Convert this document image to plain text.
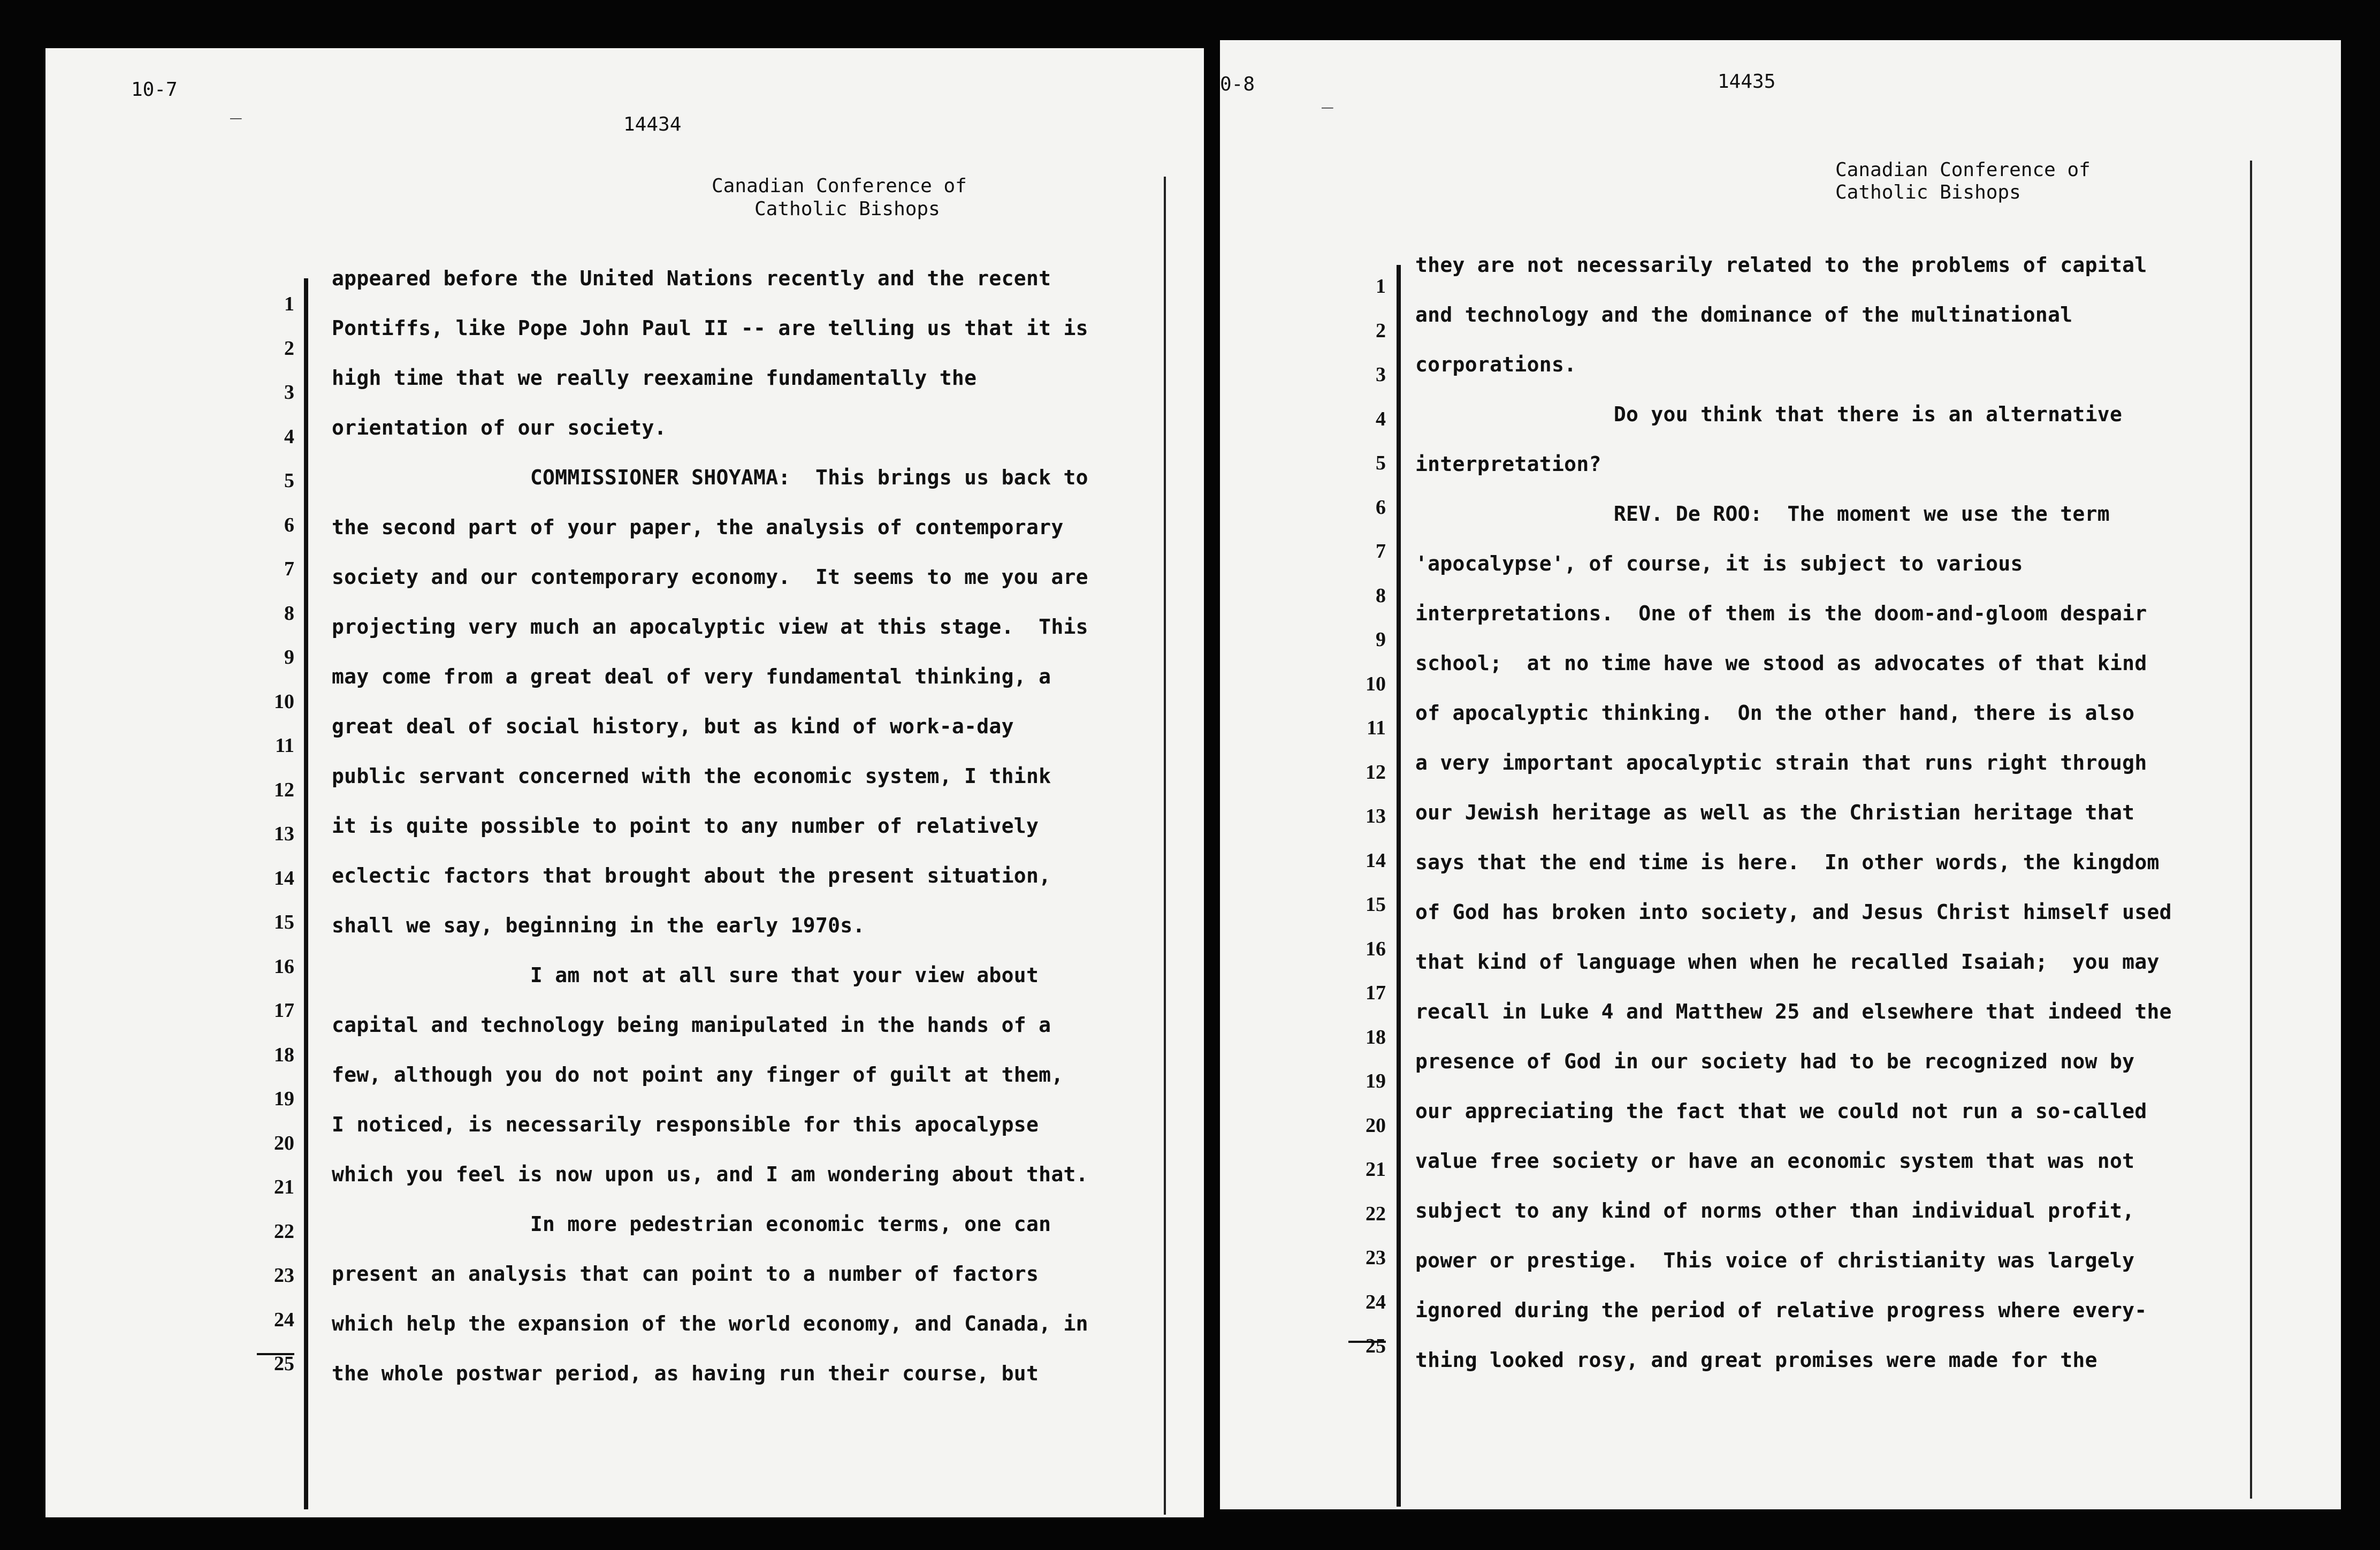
10-7
_
14434
Canadian Conference of
Catholic Bishops
1
2
3
4
5
6
7
8
9
10
11
12
13
14
15
16
17
18
19
20
21
22
23
24
25
appeared before the United Nations recently and the recent
Pontiffs, like Pope John Paul II -- are telling us that it is
high time that we really reexamine fundamentally the
orientation of our society.
COMMISSIONER SHOYAMA:  This brings us back to
the second part of your paper, the analysis of contemporary
society and our contemporary economy.  It seems to me you are
projecting very much an apocalyptic view at this stage.  This
may come from a great deal of very fundamental thinking, a
great deal of social history, but as kind of work-a-day
public servant concerned with the economic system, I think
it is quite possible to point to any number of relatively
eclectic factors that brought about the present situation,
shall we say, beginning in the early 1970s.
I am not at all sure that your view about
capital and technology being manipulated in the hands of a
few, although you do not point any finger of guilt at them,
I noticed, is necessarily responsible for this apocalypse
which you feel is now upon us, and I am wondering about that.
In more pedestrian economic terms, one can
present an analysis that can point to a number of factors
which help the expansion of the world economy, and Canada, in
the whole postwar period, as having run their course, but
0-8
_
14435
Canadian Conference of
Catholic Bishops
1
2
3
4
5
6
7
8
9
10
11
12
13
14
15
16
17
18
19
20
21
22
23
24
25
they are not necessarily related to the problems of capital
and technology and the dominance of the multinational
corporations.
Do you think that there is an alternative
interpretation?
REV. De ROO:  The moment we use the term
'apocalypse', of course, it is subject to various
interpretations.  One of them is the doom-and-gloom despair
school;  at no time have we stood as advocates of that kind
of apocalyptic thinking.  On the other hand, there is also
a very important apocalyptic strain that runs right through
our Jewish heritage as well as the Christian heritage that
says that the end time is here.  In other words, the kingdom
of God has broken into society, and Jesus Christ himself used
that kind of language when when he recalled Isaiah;  you may
recall in Luke 4 and Matthew 25 and elsewhere that indeed the
presence of God in our society had to be recognized now by
our appreciating the fact that we could not run a so-called
value free society or have an economic system that was not
subject to any kind of norms other than individual profit,
power or prestige.  This voice of christianity was largely
ignored during the period of relative progress where every-
thing looked rosy, and great promises were made for the
